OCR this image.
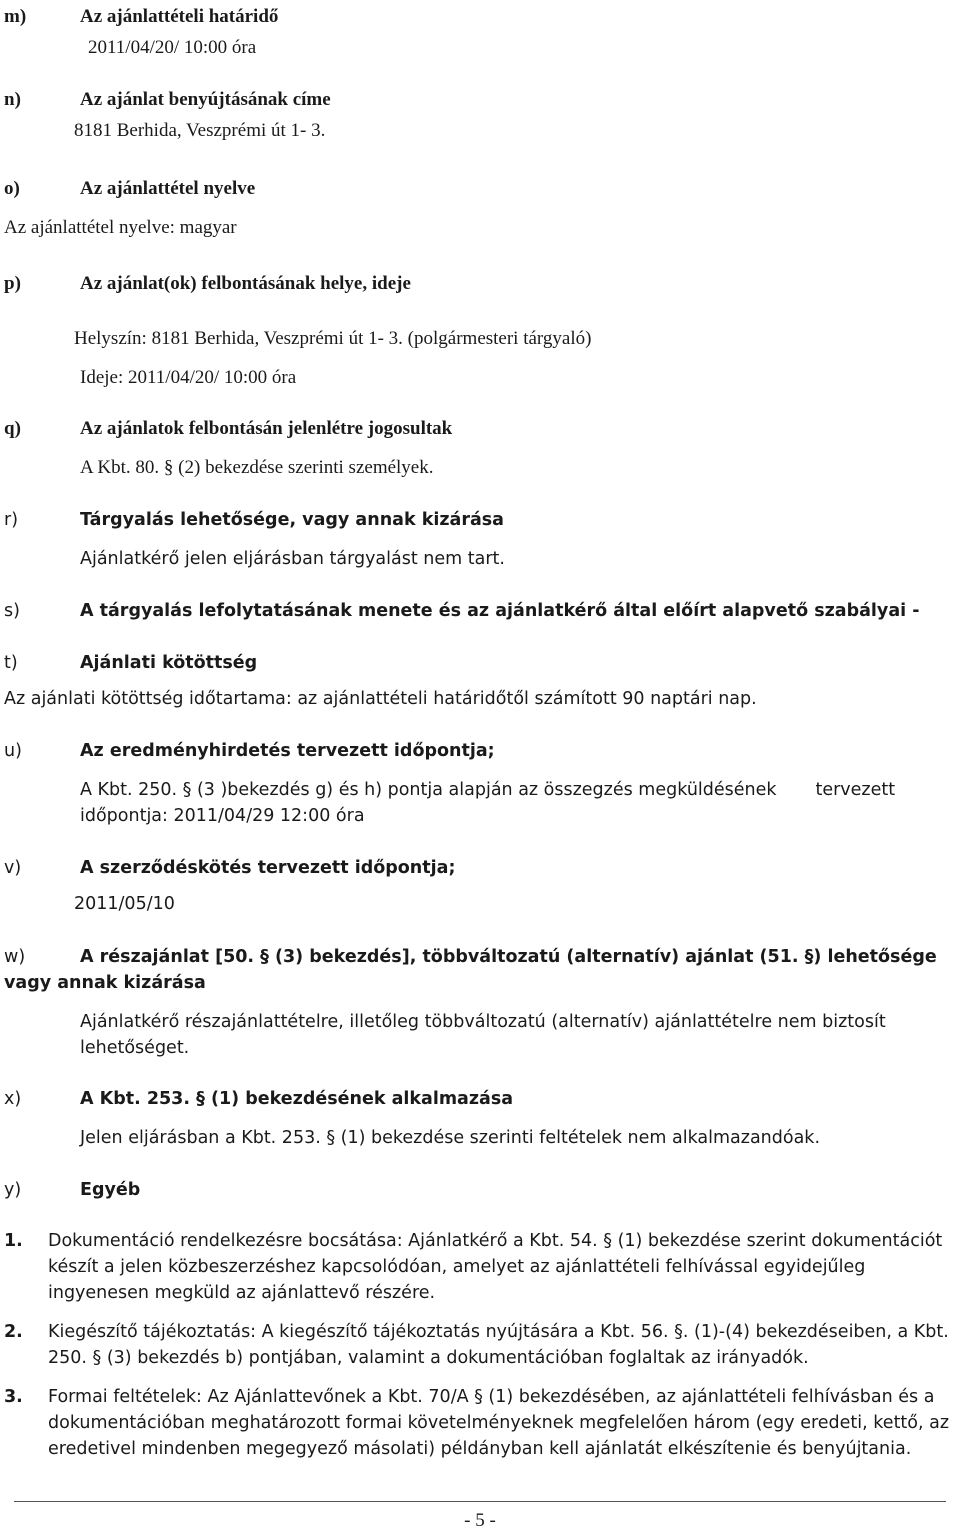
m)	Az ajánlattételi határidő
2011/04/20/ 10:00 óra
n)	Az ajánlat benyújtásának címe
8181 Berhida, Veszprémi út 1- 3.
o)	Az ajánlattétel nyelve
Az ajánlattétel nyelve: magyar
p)	Az ajánlat(ok) felbontásának helye, ideje
Helyszín: 8181 Berhida, Veszprémi út 1- 3. (polgármesteri tárgyaló)
Ideje: 2011/04/20/ 10:00 óra
q)	Az ajánlatok felbontásán jelenlétre jogosultak
A Kbt. 80. § (2) bekezdése szerinti személyek.
r)	Tárgyalás lehetősége, vagy annak kizárása
Ajánlatkérő jelen eljárásban tárgyalást nem tart.
s)	A tárgyalás lefolytatásának menete és az ajánlatkérő által előírt alapvető szabályai -
t)	Ajánlati kötöttség
Az ajánlati kötöttség időtartama: az ajánlattételi határidőtől számított 90 naptári nap.
u)	Az eredményhirdetés tervezett időpontja;
A Kbt. 250. § (3 )bekezdés g) és h) pontja alapján az összegzés megküldésének       tervezett
időpontja: 2011/04/29 12:00 óra
v)	A szerződéskötés tervezett időpontja;
2011/05/10
w)	A részajánlat [50. § (3) bekezdés], többváltozatú (alternatív) ajánlat (51. §) lehetősége
vagy annak kizárása
Ajánlatkérő részajánlattételre, illetőleg többváltozatú (alternatív) ajánlattételre nem biztosít
lehetőséget.
x)	A Kbt. 253. § (1) bekezdésének alkalmazása
Jelen eljárásban a Kbt. 253. § (1) bekezdése szerinti feltételek nem alkalmazandóak.
y)	Egyéb
1. Dokumentáció rendelkezésre bocsátása: Ajánlatkérő a Kbt. 54. § (1) bekezdése szerint dokumentációt
készít a jelen közbeszerzéshez kapcsolódóan, amelyet az ajánlattételi felhívással egyidejűleg
ingyenesen megküld az ajánlattevő részére.
2. Kiegészítő tájékoztatás: A kiegészítő tájékoztatás nyújtására a Kbt. 56. §. (1)-(4) bekezdéseiben, a Kbt.
250. § (3) bekezdés b) pontjában, valamint a dokumentációban foglaltak az irányadók.
3. Formai feltételek: Az Ajánlattevőnek a Kbt. 70/A § (1) bekezdésében, az ajánlattételi felhívásban és a
dokumentációban meghatározott formai követelményeknek megfelelően három (egy eredeti, kettő, az
eredetivel mindenben megegyező másolati) példányban kell ajánlatát elkészítenie és benyújtania.
- 5 -
